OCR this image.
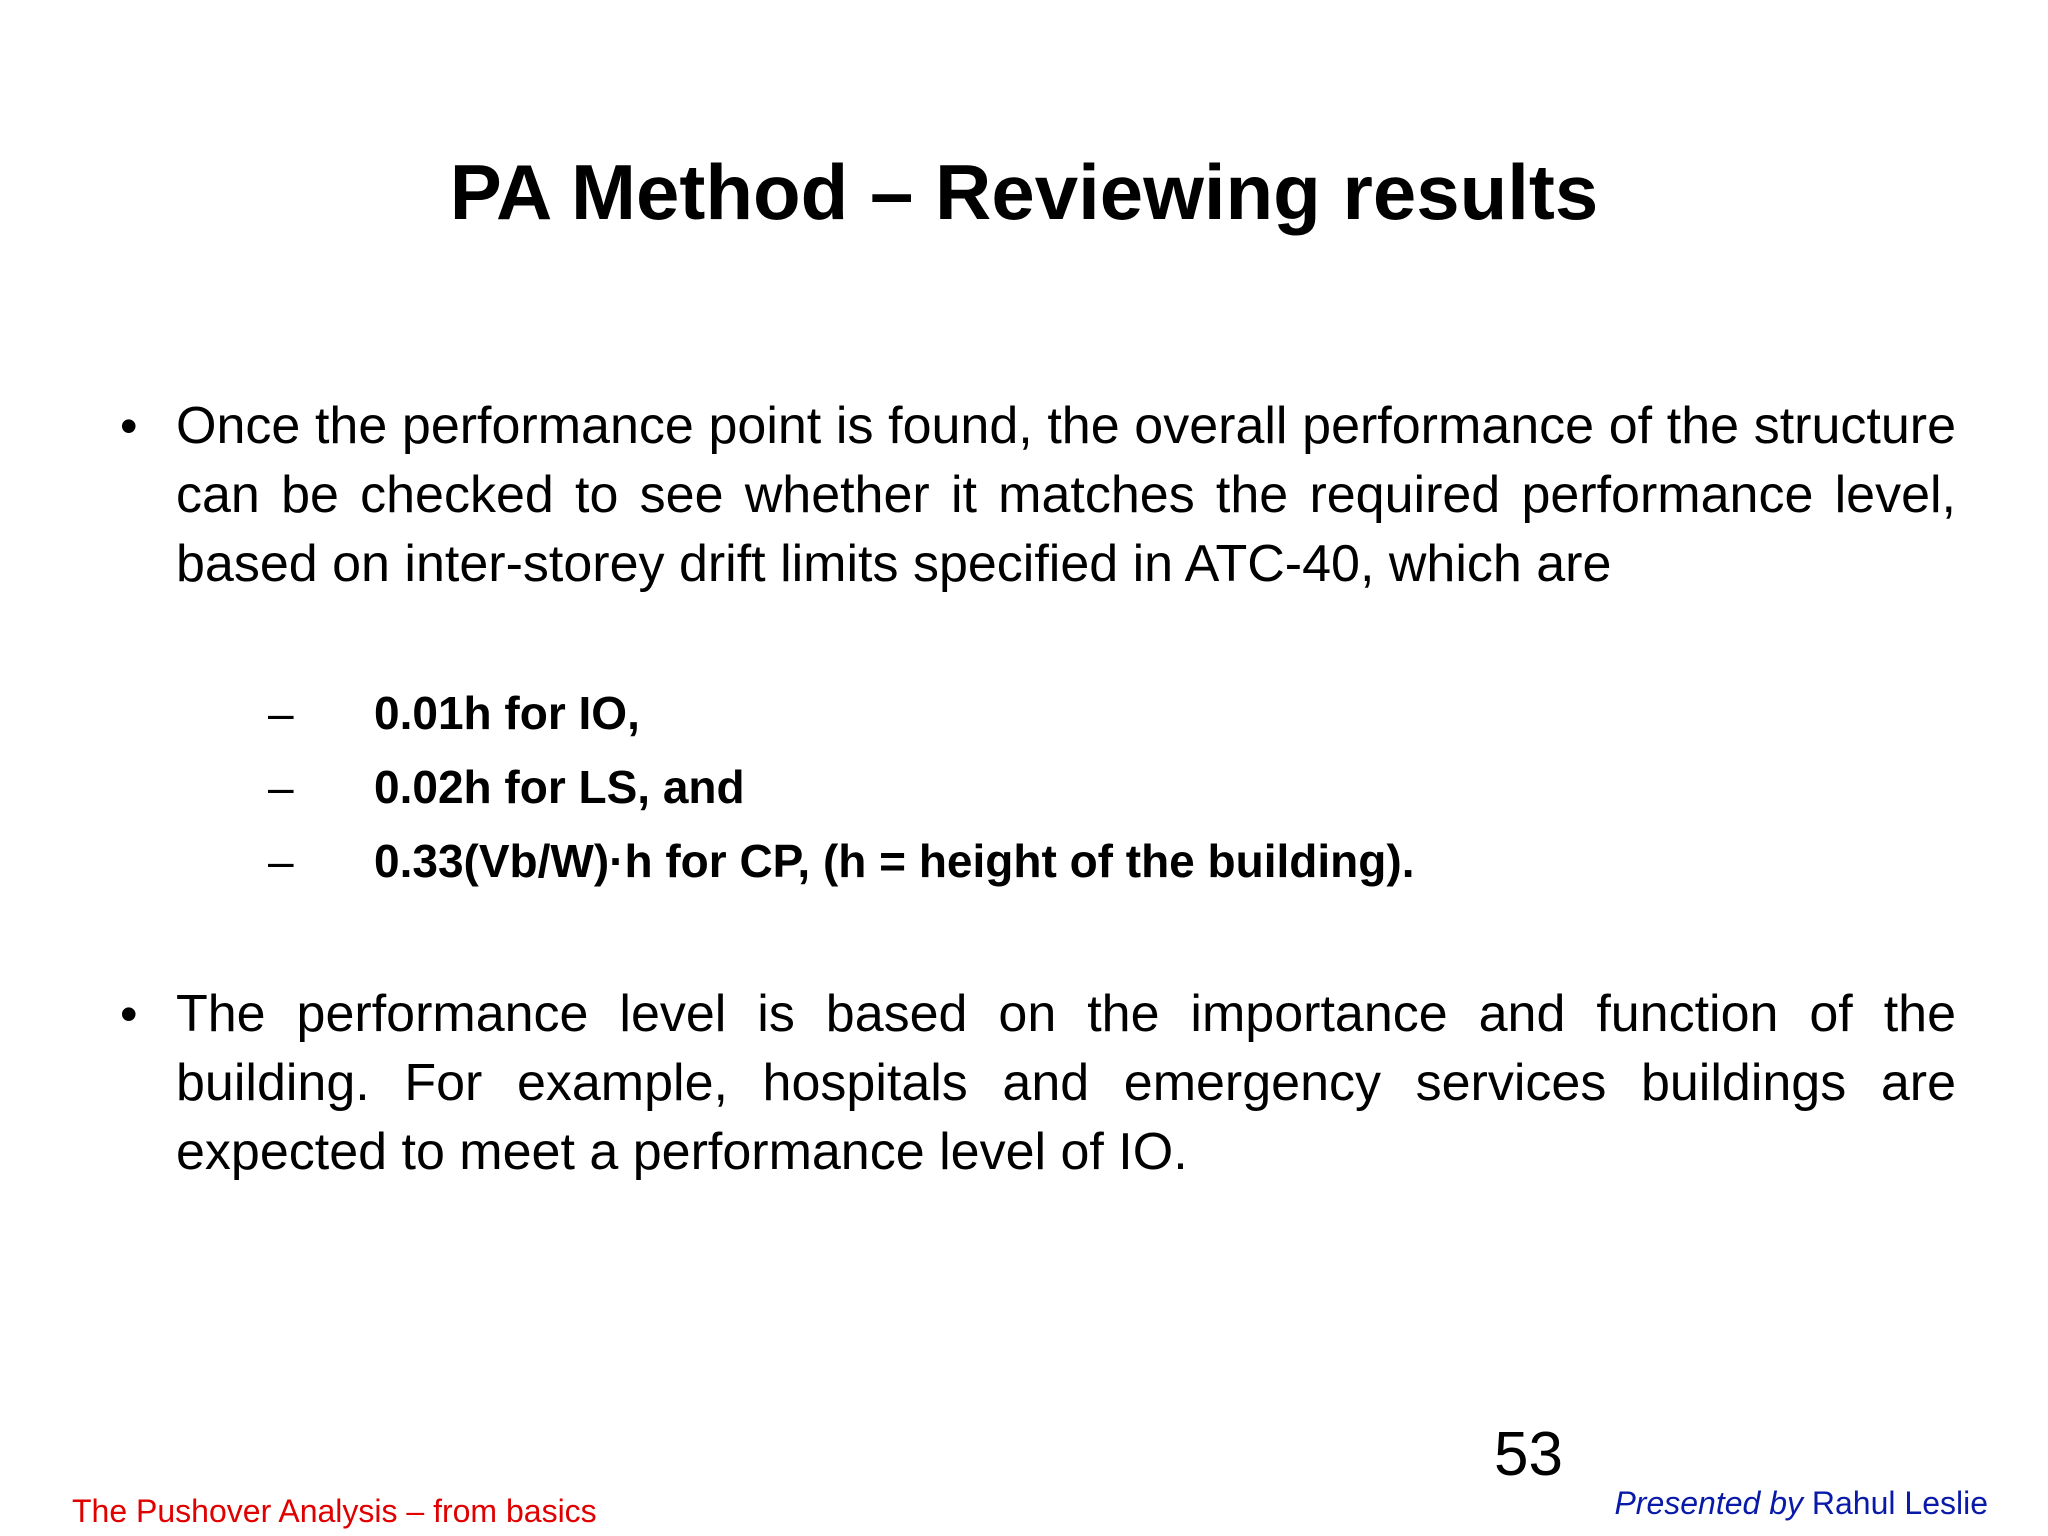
PA Method – Reviewing results
• Once the performance point is found, the overall performance of the structure can be checked to see whether it matches the required performance level, based on inter-storey drift limits specified in ATC-40, which are
– 0.01h for IO,
– 0.02h for LS, and
– 0.33(Vb/W)·h for CP, (h = height of the building).
• The performance level is based on the importance and function of the building. For example, hospitals and emergency services buildings are expected to meet a performance level of IO.
53
The Pushover Analysis – from basics	Presented by Rahul Leslie
